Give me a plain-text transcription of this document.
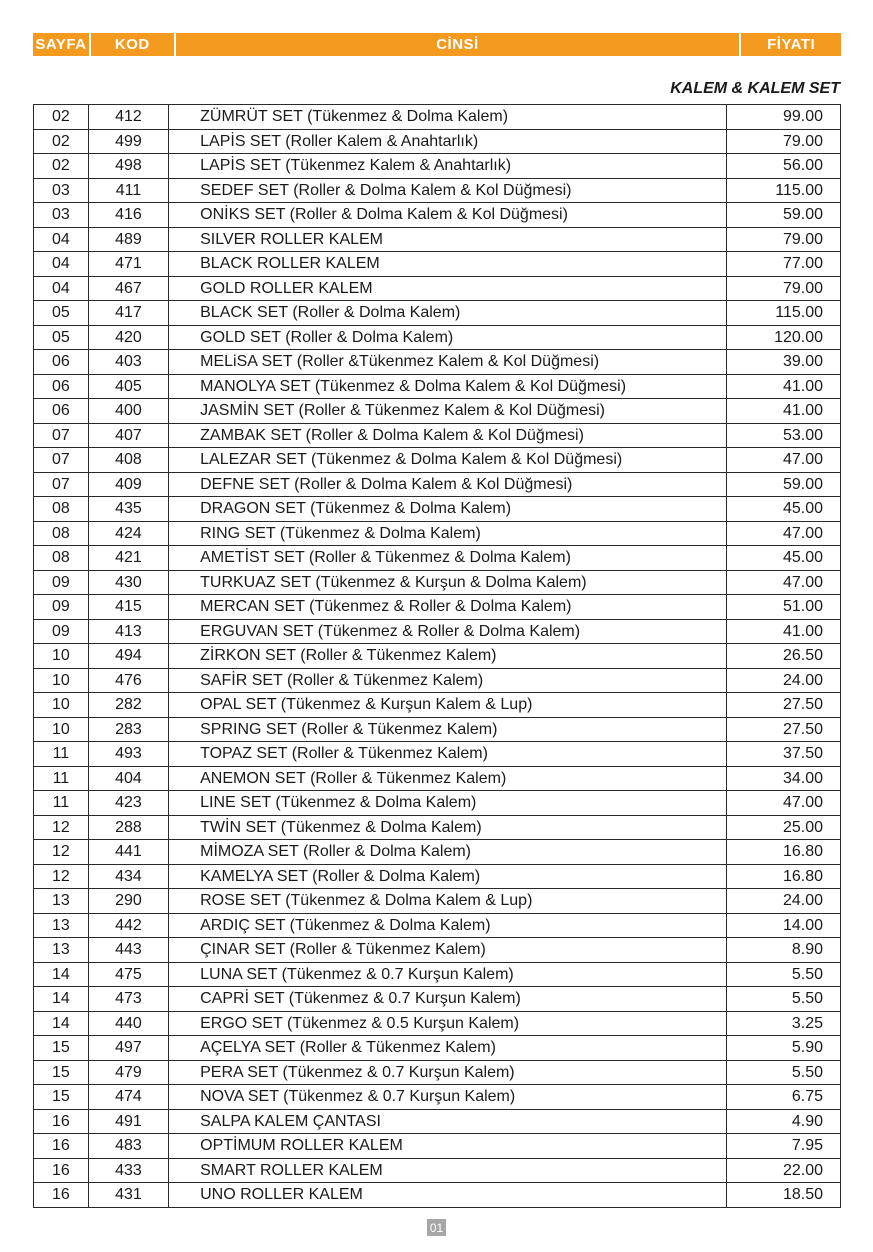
SAYFA	KOD	CİNSİ	FİYATI
KALEM & KALEM SET
02	412	ZÜMRÜT SET (Tükenmez & Dolma Kalem)	99.00
02	499	LAPİS SET (Roller Kalem & Anahtarlık)	79.00
02	498	LAPİS SET (Tükenmez Kalem & Anahtarlık)	56.00
03	411	SEDEF SET (Roller & Dolma Kalem & Kol Düğmesi)	115.00
03	416	ONİKS SET (Roller & Dolma Kalem & Kol Düğmesi)	59.00
04	489	SILVER ROLLER KALEM	79.00
04	471	BLACK ROLLER KALEM	77.00
04	467	GOLD ROLLER KALEM	79.00
05	417	BLACK SET (Roller & Dolma Kalem)	115.00
05	420	GOLD SET (Roller & Dolma Kalem)	120.00
06	403	MELiSA SET (Roller &Tükenmez Kalem & Kol Düğmesi)	39.00
06	405	MANOLYA SET (Tükenmez & Dolma Kalem & Kol Düğmesi)	41.00
06	400	JASMİN SET (Roller & Tükenmez Kalem & Kol Düğmesi)	41.00
07	407	ZAMBAK SET (Roller & Dolma Kalem & Kol Düğmesi)	53.00
07	408	LALEZAR SET (Tükenmez & Dolma Kalem & Kol Düğmesi)	47.00
07	409	DEFNE SET (Roller & Dolma Kalem & Kol Düğmesi)	59.00
08	435	DRAGON SET (Tükenmez & Dolma Kalem)	45.00
08	424	RING SET (Tükenmez & Dolma Kalem)	47.00
08	421	AMETİST SET (Roller & Tükenmez & Dolma Kalem)	45.00
09	430	TURKUAZ SET (Tükenmez & Kurşun & Dolma Kalem)	47.00
09	415	MERCAN SET (Tükenmez & Roller & Dolma Kalem)	51.00
09	413	ERGUVAN SET (Tükenmez & Roller & Dolma Kalem)	41.00
10	494	ZİRKON SET (Roller & Tükenmez Kalem)	26.50
10	476	SAFİR SET (Roller & Tükenmez Kalem)	24.00
10	282	OPAL SET (Tükenmez & Kurşun Kalem & Lup)	27.50
10	283	SPRING SET (Roller & Tükenmez Kalem)	27.50
11	493	TOPAZ SET (Roller & Tükenmez Kalem)	37.50
11	404	ANEMON SET (Roller & Tükenmez Kalem)	34.00
11	423	LINE SET (Tükenmez & Dolma Kalem)	47.00
12	288	TWİN SET (Tükenmez & Dolma Kalem)	25.00
12	441	MİMOZA SET (Roller & Dolma Kalem)	16.80
12	434	KAMELYA SET (Roller & Dolma Kalem)	16.80
13	290	ROSE SET (Tükenmez & Dolma Kalem & Lup)	24.00
13	442	ARDIÇ SET (Tükenmez & Dolma Kalem)	14.00
13	443	ÇINAR SET (Roller & Tükenmez Kalem)	8.90
14	475	LUNA SET (Tükenmez & 0.7 Kurşun Kalem)	5.50
14	473	CAPRİ SET (Tükenmez & 0.7 Kurşun Kalem)	5.50
14	440	ERGO SET (Tükenmez & 0.5 Kurşun Kalem)	3.25
15	497	AÇELYA SET (Roller & Tükenmez Kalem)	5.90
15	479	PERA SET (Tükenmez & 0.7 Kurşun Kalem)	5.50
15	474	NOVA SET (Tükenmez & 0.7 Kurşun Kalem)	6.75
16	491	SALPA KALEM ÇANTASI	4.90
16	483	OPTİMUM ROLLER KALEM	7.95
16	433	SMART ROLLER KALEM	22.00
16	431	UNO ROLLER KALEM	18.50
01
